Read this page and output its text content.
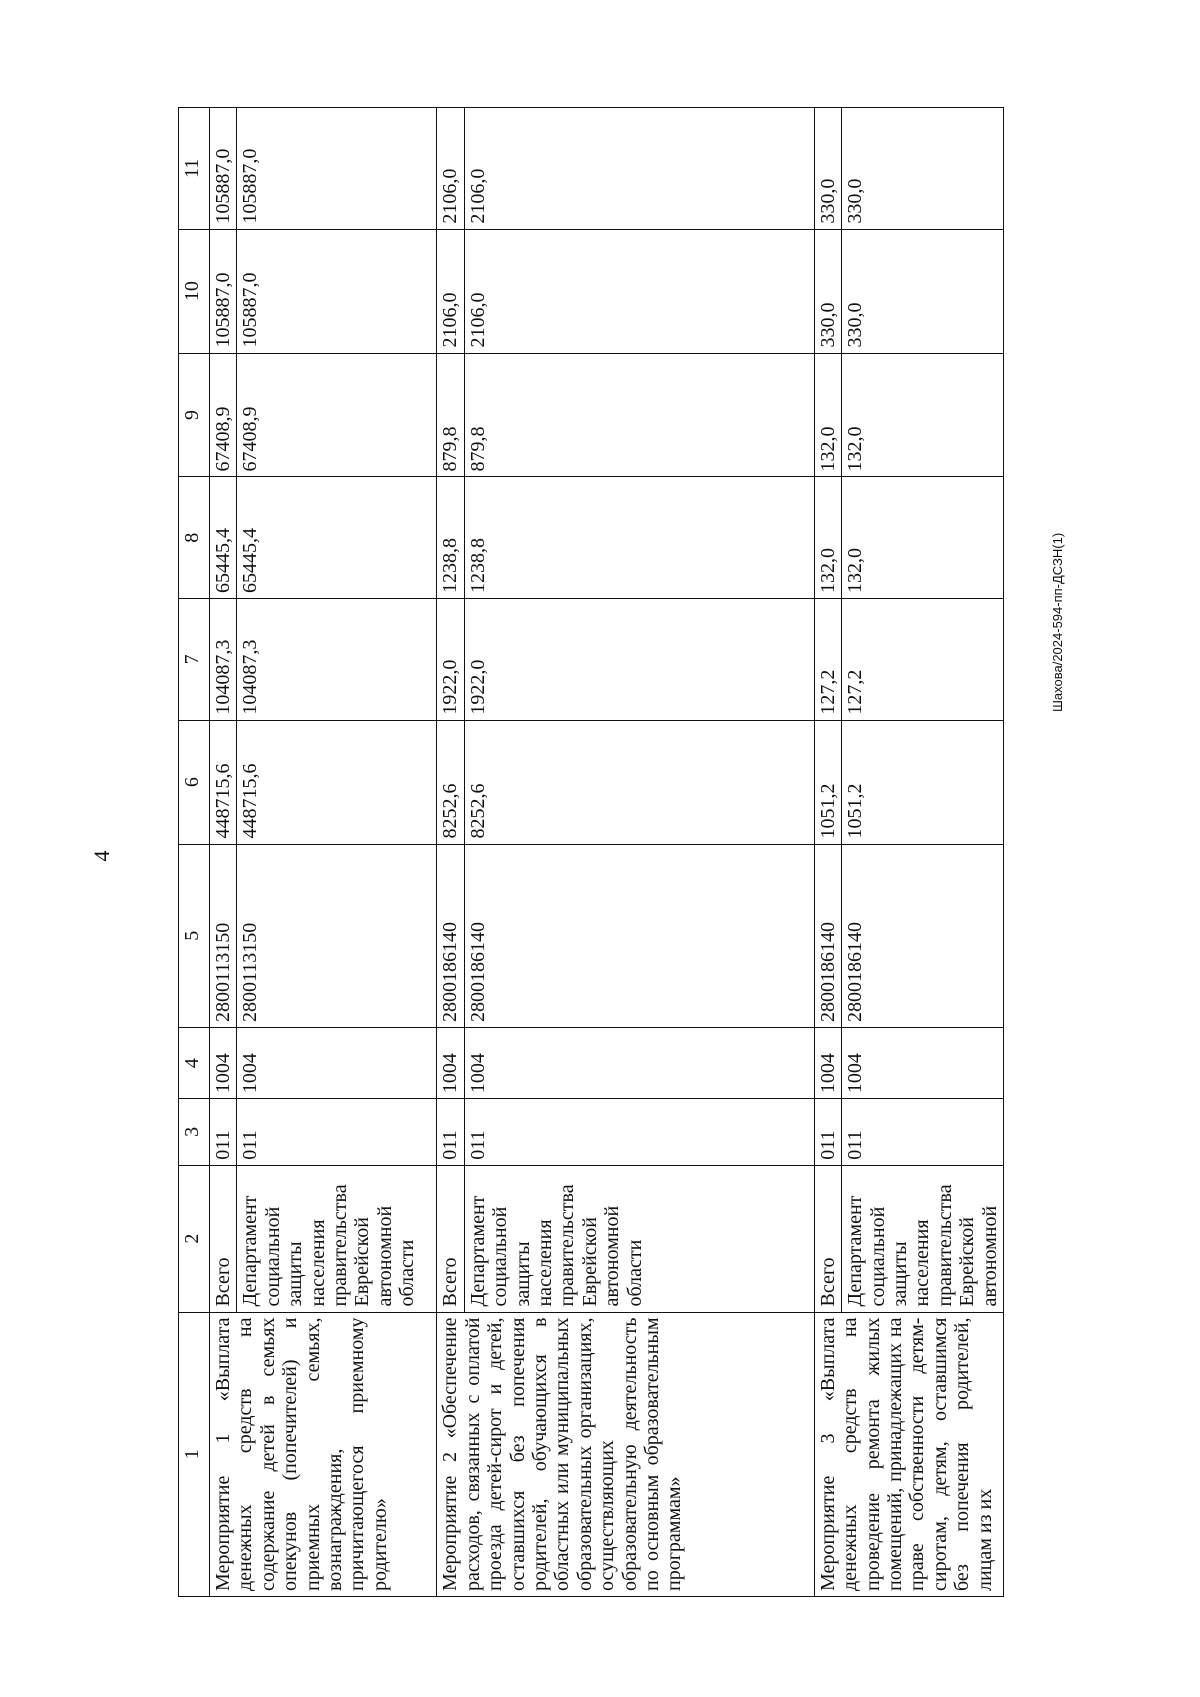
4
Шахова/2024-594-пп-ДСЗН(1)
1	2	3	4	5	6	7	8	9	10	11
Мероприятие 1 «Выплата денежных средств на содержание детей в семьях опекунов (попечителей) и приемных семьях, вознаграждения, причитающегося приемному родителю»	Всего	011	1004	2800113150	448715,6	104087,3	65445,4	67408,9	105887,0	105887,0
	Департамент социальной защиты населения правительства Еврейской автономной области	011	1004	2800113150	448715,6	104087,3	65445,4	67408,9	105887,0	105887,0
Мероприятие 2 «Обеспечение расходов, связанных с оплатой проезда детей-сирот и детей, оставшихся без попечения родителей, обучающихся в областных или муниципальных образовательных организациях, осуществляющих образовательную деятельность по основным образовательным программам»	Всего	011	1004	2800186140	8252,6	1922,0	1238,8	879,8	2106,0	2106,0
	Департамент социальной защиты населения правительства Еврейской автономной области	011	1004	2800186140	8252,6	1922,0	1238,8	879,8	2106,0	2106,0
Мероприятие 3 «Выплата денежных средств на проведение ремонта жилых помещений, принадлежащих на праве собственности детям-сиротам, детям, оставшимся без попечения родителей, лицам из их	Всего	011	1004	2800186140	1051,2	127,2	132,0	132,0	330,0	330,0
	Департамент социальной защиты населения правительства Еврейской автономной	011	1004	2800186140	1051,2	127,2	132,0	132,0	330,0	330,0
